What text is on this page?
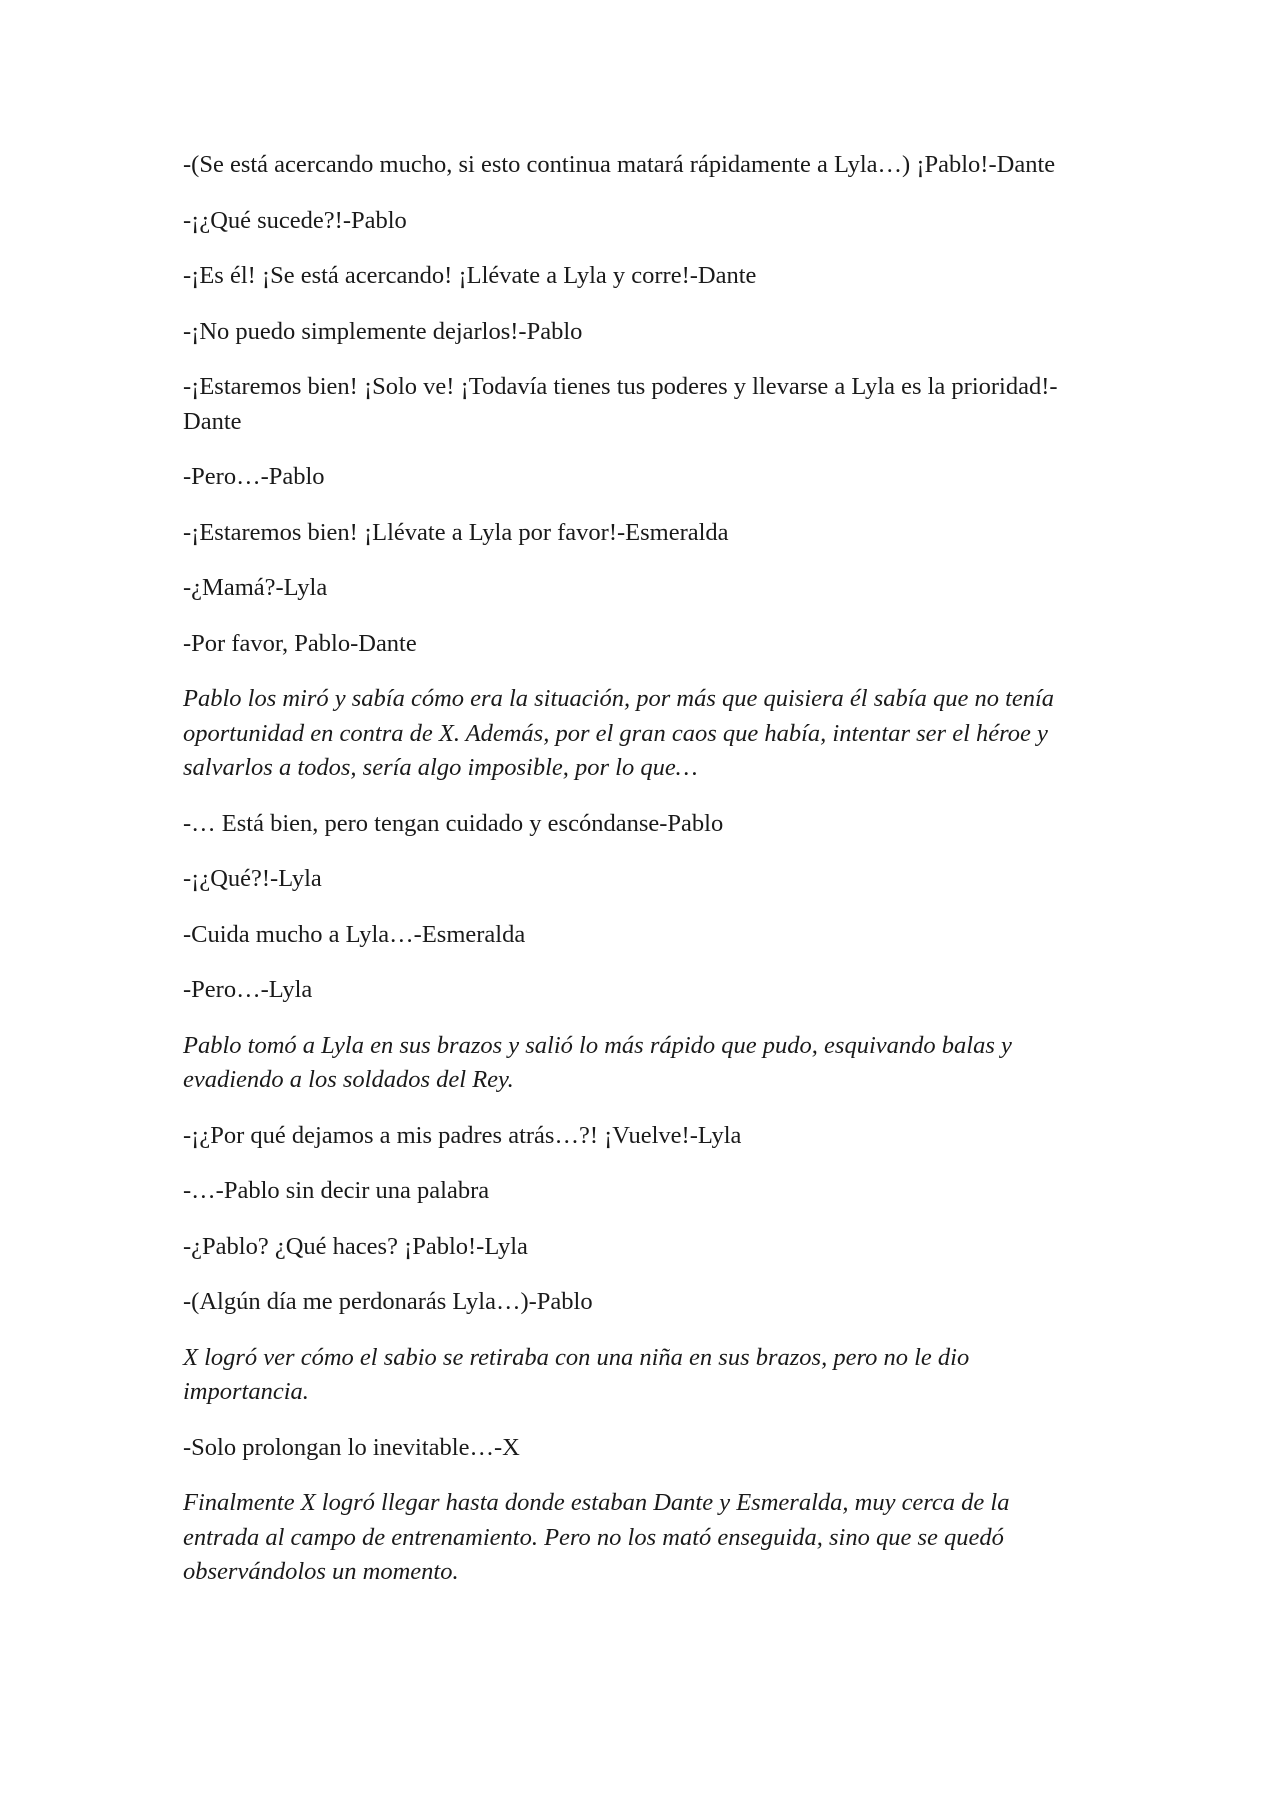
-(Se está acercando mucho, si esto continua matará rápidamente a Lyla…) ¡Pablo!-Dante

-¡¿Qué sucede?!-Pablo

-¡Es él! ¡Se está acercando! ¡Llévate a Lyla y corre!-Dante

-¡No puedo simplemente dejarlos!-Pablo

-¡Estaremos bien! ¡Solo ve! ¡Todavía tienes tus poderes y llevarse a Lyla es la prioridad!-Dante

-Pero…-Pablo

-¡Estaremos bien! ¡Llévate a Lyla por favor!-Esmeralda

-¿Mamá?-Lyla

-Por favor, Pablo-Dante

Pablo los miró y sabía cómo era la situación, por más que quisiera él sabía que no tenía oportunidad en contra de X. Además, por el gran caos que había, intentar ser el héroe y salvarlos a todos, sería algo imposible, por lo que…

-… Está bien, pero tengan cuidado y escóndanse-Pablo

-¡¿Qué?!-Lyla

-Cuida mucho a Lyla…-Esmeralda

-Pero…-Lyla

Pablo tomó a Lyla en sus brazos y salió lo más rápido que pudo, esquivando balas y evadiendo a los soldados del Rey.

-¡¿Por qué dejamos a mis padres atrás…?! ¡Vuelve!-Lyla

-…-Pablo sin decir una palabra

-¿Pablo? ¿Qué haces? ¡Pablo!-Lyla

-(Algún día me perdonarás Lyla…)-Pablo

X logró ver cómo el sabio se retiraba con una niña en sus brazos, pero no le dio importancia.

-Solo prolongan lo inevitable…-X

Finalmente X logró llegar hasta donde estaban Dante y Esmeralda, muy cerca de la entrada al campo de entrenamiento. Pero no los mató enseguida, sino que se quedó observándolos un momento.
